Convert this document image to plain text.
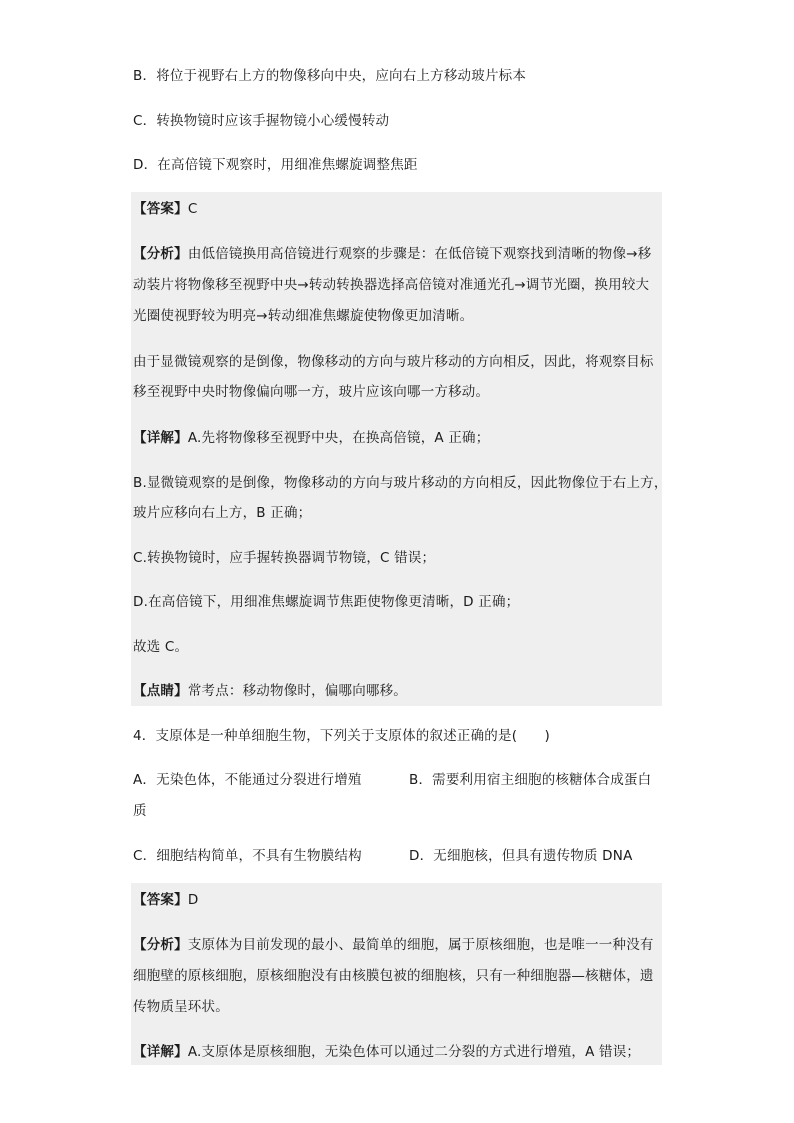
B．将位于视野右上方的物像移向中央，应向右上方移动玻片标本
C．转换物镜时应该手握物镜小心缓慢转动
D．在高倍镜下观察时，用细准焦螺旋调整焦距
【答案】C
【分析】由低倍镜换用高倍镜进行观察的步骤是：在低倍镜下观察找到清晰的物像→移
动装片将物像移至视野中央→转动转换器选择高倍镜对准通光孔→调节光圈，换用较大
光圈使视野较为明亮→转动细准焦螺旋使物像更加清晰。
由于显微镜观察的是倒像，物像移动的方向与玻片移动的方向相反，因此，将观察目标
移至视野中央时物像偏向哪一方，玻片应该向哪一方移动。
【详解】A.先将物像移至视野中央，在换高倍镜，A 正确；
B.显微镜观察的是倒像，物像移动的方向与玻片移动的方向相反，因此物像位于右上方，
玻片应移向右上方，B 正确；
C.转换物镜时，应手握转换器调节物镜，C 错误；
D.在高倍镜下，用细准焦螺旋调节焦距使物像更清晰，D 正确；
故选 C。
【点睛】常考点：移动物像时，偏哪向哪移。
4．支原体是一种单细胞生物，下列关于支原体的叙述正确的是(　　)
A．无染色体，不能通过分裂进行增殖	B．需要利用宿主细胞的核糖体合成蛋白
质
C．细胞结构简单，不具有生物膜结构	D．无细胞核，但具有遗传物质 DNA
【答案】D
【分析】支原体为目前发现的最小、最简单的细胞，属于原核细胞，也是唯一一种没有
细胞壁的原核细胞，原核细胞没有由核膜包被的细胞核，只有一种细胞器—核糖体，遗
传物质呈环状。
【详解】A.支原体是原核细胞，无染色体可以通过二分裂的方式进行增殖，A 错误；
